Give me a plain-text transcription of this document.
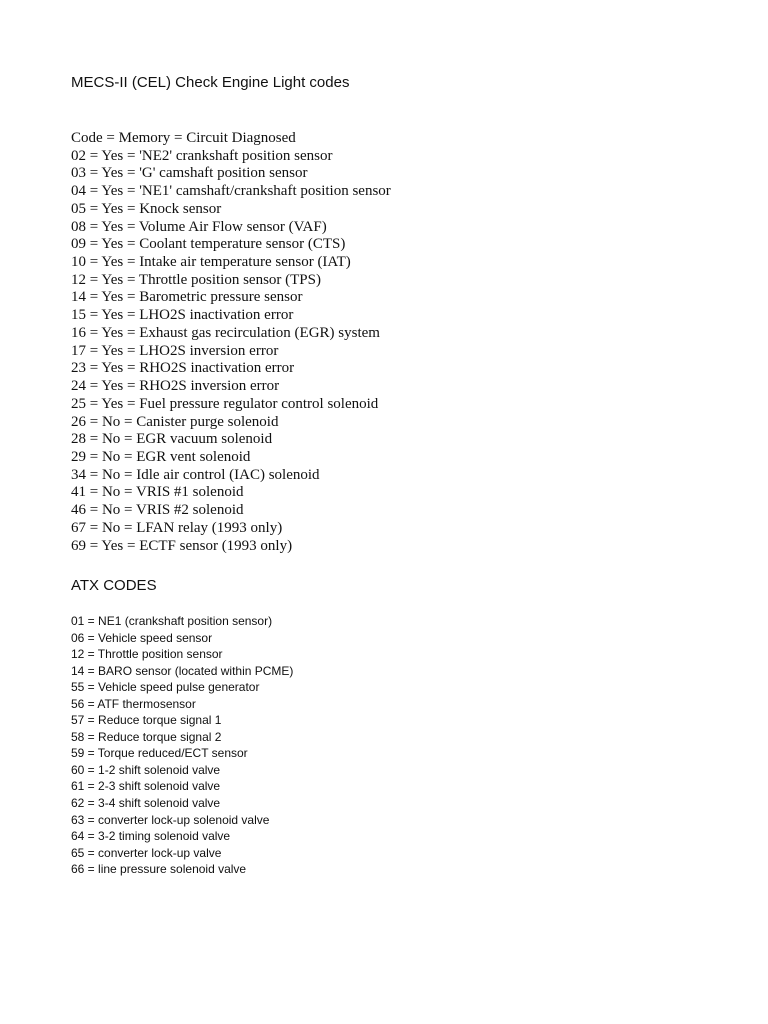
MECS-II (CEL) Check Engine Light codes
Code = Memory = Circuit Diagnosed
02 = Yes = 'NE2' crankshaft position sensor
03 = Yes = 'G' camshaft position sensor
04 = Yes = 'NE1' camshaft/crankshaft position sensor
05 = Yes = Knock sensor
08 = Yes = Volume Air Flow sensor (VAF)
09 = Yes = Coolant temperature sensor (CTS)
10 = Yes = Intake air temperature sensor (IAT)
12 = Yes = Throttle position sensor (TPS)
14 = Yes = Barometric pressure sensor
15 = Yes = LHO2S inactivation error
16 = Yes = Exhaust gas recirculation (EGR) system
17 = Yes = LHO2S inversion error
23 = Yes = RHO2S inactivation error
24 = Yes = RHO2S inversion error
25 = Yes = Fuel pressure regulator control solenoid
26 = No = Canister purge solenoid
28 = No = EGR vacuum solenoid
29 = No = EGR vent solenoid
34 = No = Idle air control (IAC) solenoid
41 = No = VRIS #1 solenoid
46 = No = VRIS #2 solenoid
67 = No = LFAN relay (1993 only)
69 = Yes = ECTF sensor (1993 only)
ATX CODES
01 = NE1 (crankshaft position sensor)
06 = Vehicle speed sensor
12 = Throttle position sensor
14 = BARO sensor (located within PCME)
55 = Vehicle speed pulse generator
56 = ATF thermosensor
57 = Reduce torque signal 1
58 = Reduce torque signal 2
59 = Torque reduced/ECT sensor
60 = 1-2 shift solenoid valve
61 = 2-3 shift solenoid valve
62 = 3-4 shift solenoid valve
63 = converter lock-up solenoid valve
64 = 3-2 timing solenoid valve
65 = converter lock-up valve
66 = line pressure solenoid valve
